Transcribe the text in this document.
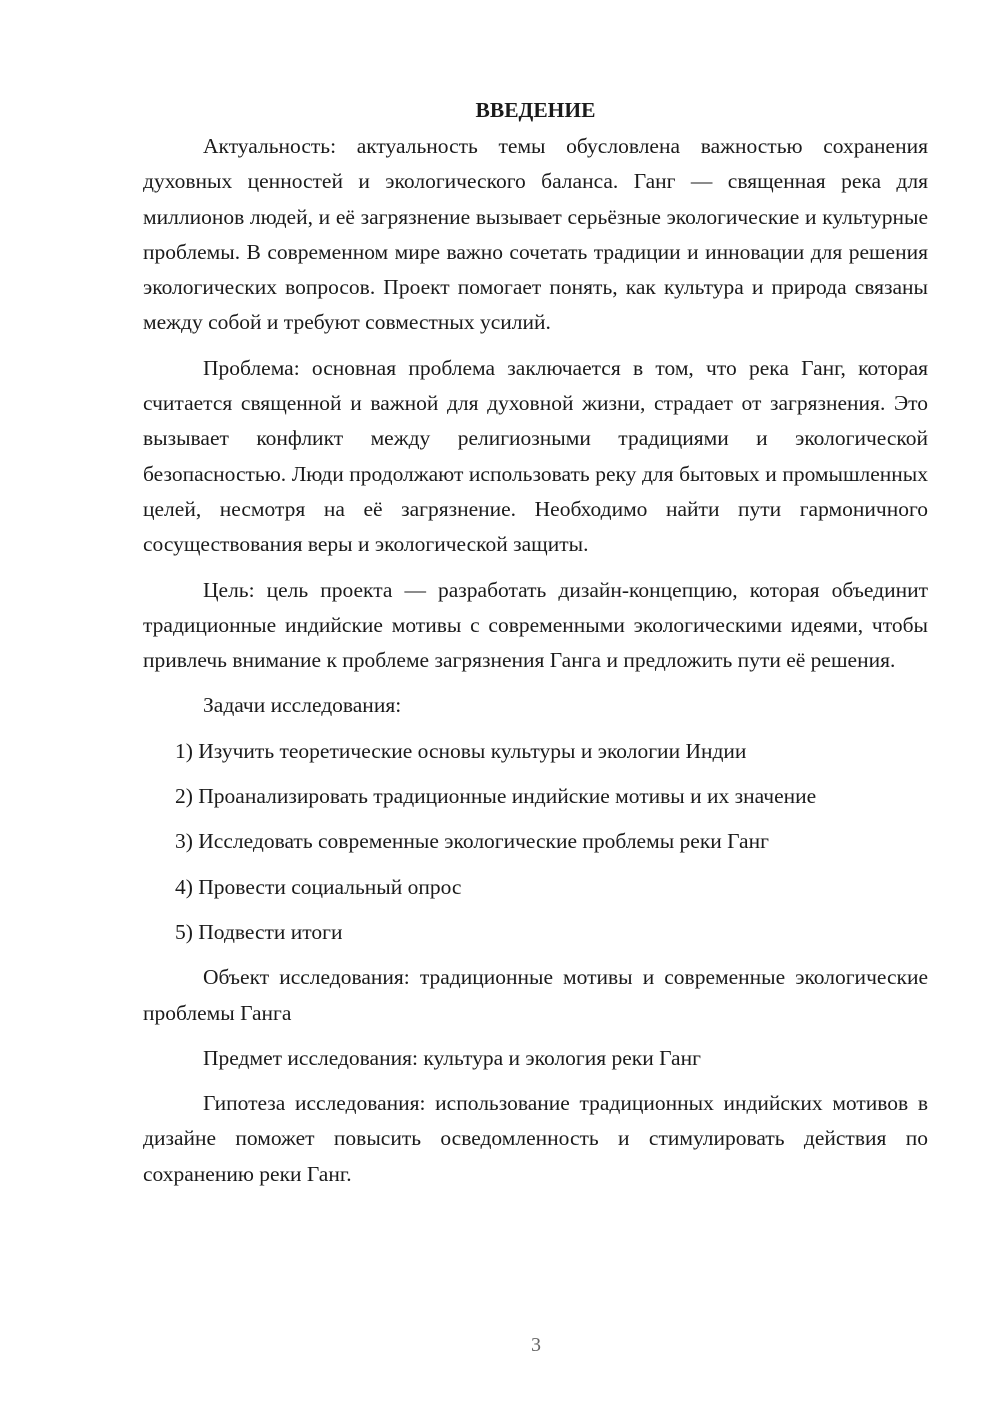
ВВЕДЕНИЕ

Актуальность: актуальность темы обусловлена важностью сохранения духовных ценностей и экологического баланса. Ганг — священная река для миллионов людей, и её загрязнение вызывает серьёзные экологические и культурные проблемы. В современном мире важно сочетать традиции и инновации для решения экологических вопросов. Проект помогает понять, как культура и природа связаны между собой и требуют совместных усилий.

Проблема: основная проблема заключается в том, что река Ганг, которая считается священной и важной для духовной жизни, страдает от загрязнения. Это вызывает конфликт между религиозными традициями и экологической безопасностью. Люди продолжают использовать реку для бытовых и промышленных целей, несмотря на её загрязнение. Необходимо найти пути гармоничного сосуществования веры и экологической защиты.

Цель: цель проекта — разработать дизайн-концепцию, которая объединит традиционные индийские мотивы с современными экологическими идеями, чтобы привлечь внимание к проблеме загрязнения Ганга и предложить пути её решения.

Задачи исследования:

1) Изучить теоретические основы культуры и экологии Индии
2) Проанализировать традиционные индийские мотивы и их значение
3) Исследовать современные экологические проблемы реки Ганг
4) Провести социальный опрос
5) Подвести итоги

Объект исследования: традиционные мотивы и современные экологические проблемы Ганга

Предмет исследования: культура и экология реки Ганг

Гипотеза исследования: использование традиционных индийских мотивов в дизайне поможет повысить осведомленность и стимулировать действия по сохранению реки Ганг.

3
